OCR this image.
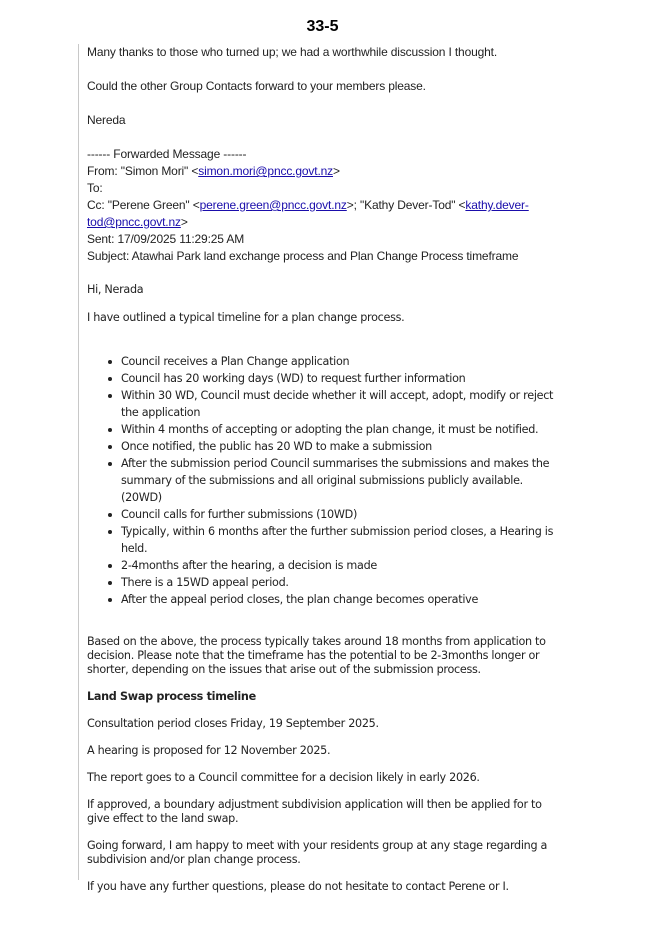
33-5

Many thanks to those who turned up; we had a worthwhile discussion I thought.

Could the other Group Contacts forward to your members please.

Nereda

------ Forwarded Message ------

From: "Simon Mori" <simon.mori@pncc.govt.nz>

To:

Cc: "Perene Green" <perene.green@pncc.govt.nz>; "Kathy Dever-Tod" <kathy.dever-

tod@pncc.govt.nz>

Sent: 17/09/2025 11:29:25 AM

Subject: Atawhai Park land exchange process and Plan Change Process timeframe

Hi, Nerada

I have outlined a typical timeline for a plan change process.

Council receives a Plan Change application
Council has 20 working days (WD) to request further information
Within 30 WD, Council must decide whether it will accept, adopt, modify or reject the application
Within 4 months of accepting or adopting the plan change, it must be notified.
Once notified, the public has 20 WD to make a submission
After the submission period Council summarises the submissions and makes the summary of the submissions and all original submissions publicly available. (20WD)
Council calls for further submissions (10WD)
Typically, within 6 months after the further submission period closes, a Hearing is held.
2-4months after the hearing, a decision is made
There is a 15WD appeal period.
After the appeal period closes, the plan change becomes operative

Based on the above, the process typically takes around 18 months from application to decision. Please note that the timeframe has the potential to be 2-3months longer or shorter, depending on the issues that arise out of the submission process.

Land Swap process timeline

Consultation period closes Friday, 19 September 2025.

A hearing is proposed for 12 November 2025.

The report goes to a Council committee for a decision likely in early 2026.

If approved, a boundary adjustment subdivision application will then be applied for to give effect to the land swap.

Going forward, I am happy to meet with your residents group at any stage regarding a subdivision and/or plan change process.

If you have any further questions, please do not hesitate to contact Perene or I.
